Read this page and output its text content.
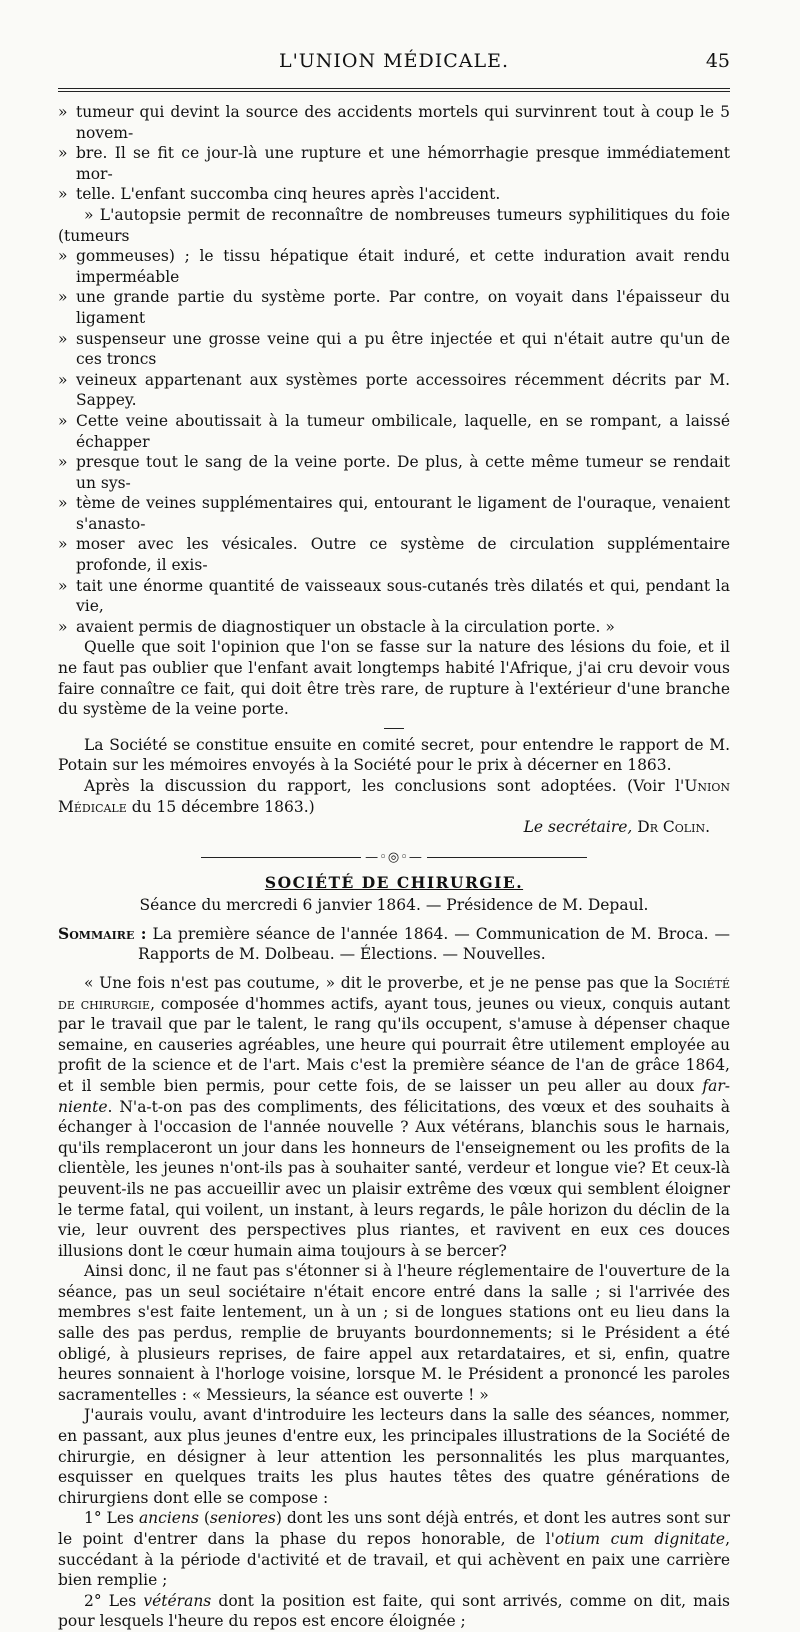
L'UNION MÉDICALE.	45

» tumeur qui devint la source des accidents mortels qui survinrent tout à coup le 5 novem-

» bre. Il se fit ce jour-là une rupture et une hémorrhagie presque immédiatement mor-

» telle. L'enfant succomba cinq heures après l'accident.

» L'autopsie permit de reconnaître de nombreuses tumeurs syphilitiques du foie (tumeurs

» gommeuses) ; le tissu hépatique était induré, et cette induration avait rendu imperméable

» une grande partie du système porte. Par contre, on voyait dans l'épaisseur du ligament

» suspenseur une grosse veine qui a pu être injectée et qui n'était autre qu'un de ces troncs

» veineux appartenant aux systèmes porte accessoires récemment décrits par M. Sappey.

» Cette veine aboutissait à la tumeur ombilicale, laquelle, en se rompant, a laissé échapper

» presque tout le sang de la veine porte. De plus, à cette même tumeur se rendait un sys-

» tème de veines supplémentaires qui, entourant le ligament de l'ouraque, venaient s'anasto-

» moser avec les vésicales. Outre ce système de circulation supplémentaire profonde, il exis-

» tait une énorme quantité de vaisseaux sous-cutanés très dilatés et qui, pendant la vie,

» avaient permis de diagnostiquer un obstacle à la circulation porte. »

Quelle que soit l'opinion que l'on se fasse sur la nature des lésions du foie, et il ne faut pas oublier que l'enfant avait longtemps habité l'Afrique, j'ai cru devoir vous faire connaître ce fait, qui doit être très rare, de rupture à l'extérieur d'une branche du système de la veine porte.

La Société se constitue ensuite en comité secret, pour entendre le rapport de M. Potain sur les mémoires envoyés à la Société pour le prix à décerner en 1863.

Après la discussion du rapport, les conclusions sont adoptées. (Voir l'Union Médicale du 15 décembre 1863.)

Le secrétaire, Dr Colin.

—◦◎◦—
SOCIÉTÉ DE CHIRURGIE.
Séance du mercredi 6 janvier 1864. — Présidence de M. Depaul.

Sommaire : La première séance de l'année 1864. — Communication de M. Broca. — Rapports de M. Dolbeau. — Élections. — Nouvelles.

« Une fois n'est pas coutume, » dit le proverbe, et je ne pense pas que la Société de chirurgie, composée d'hommes actifs, ayant tous, jeunes ou vieux, conquis autant par le travail que par le talent, le rang qu'ils occupent, s'amuse à dépenser chaque semaine, en causeries agréables, une heure qui pourrait être utilement employée au profit de la science et de l'art. Mais c'est la première séance de l'an de grâce 1864, et il semble bien permis, pour cette fois, de se laisser un peu aller au doux far-niente. N'a-t-on pas des compliments, des félicitations, des vœux et des souhaits à échanger à l'occasion de l'année nouvelle ? Aux vétérans, blanchis sous le harnais, qu'ils remplaceront un jour dans les honneurs de l'enseignement ou les profits de la clientèle, les jeunes n'ont-ils pas à souhaiter santé, verdeur et longue vie? Et ceux-là peuvent-ils ne pas accueillir avec un plaisir extrême des vœux qui semblent éloigner le terme fatal, qui voilent, un instant, à leurs regards, le pâle horizon du déclin de la vie, leur ouvrent des perspectives plus riantes, et ravivent en eux ces douces illusions dont le cœur humain aima toujours à se bercer?

Ainsi donc, il ne faut pas s'étonner si à l'heure réglementaire de l'ouverture de la séance, pas un seul sociétaire n'était encore entré dans la salle ; si l'arrivée des membres s'est faite lentement, un à un ; si de longues stations ont eu lieu dans la salle des pas perdus, remplie de bruyants bourdonnements; si le Président a été obligé, à plusieurs reprises, de faire appel aux retardataires, et si, enfin, quatre heures sonnaient à l'horloge voisine, lorsque M. le Président a prononcé les paroles sacramentelles : « Messieurs, la séance est ouverte ! »

J'aurais voulu, avant d'introduire les lecteurs dans la salle des séances, nommer, en passant, aux plus jeunes d'entre eux, les principales illustrations de la Société de chirurgie, en désigner à leur attention les personnalités les plus marquantes, esquisser en quelques traits les plus hautes têtes des quatre générations de chirurgiens dont elle se compose :

1° Les anciens (seniores) dont les uns sont déjà entrés, et dont les autres sont sur le point d'entrer dans la phase du repos honorable, de l'otium cum dignitate, succédant à la période d'activité et de travail, et qui achèvent en paix une carrière bien remplie ;

2° Les vétérans dont la position est faite, qui sont arrivés, comme on dit, mais pour lesquels l'heure du repos est encore éloignée ;
